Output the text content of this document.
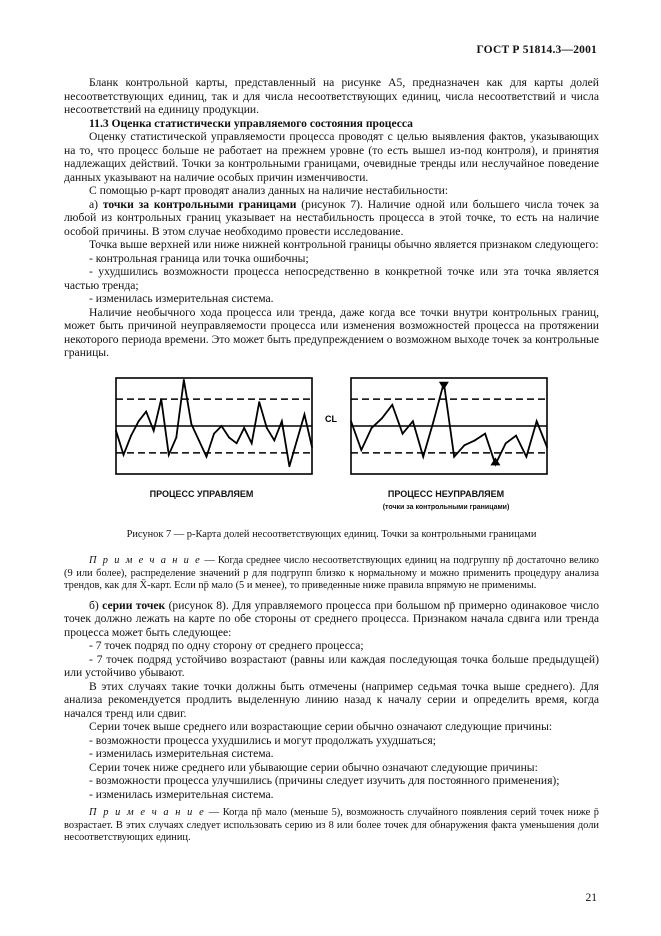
ГОСТ Р 51814.3—2001

Бланк контрольной карты, представленный на рисунке А5, предназначен как для карты долей несоответствующих единиц, так и для числа несоответствующих единиц, числа несоответствий и числа несоответствий на единицу продукции.

11.3 Оценка статистически управляемого состояния процесса

Оценку статистической управляемости процесса проводят с целью выявления фактов, указывающих на то, что процесс больше не работает на прежнем уровне (то есть вышел из-под контроля), и принятия надлежащих действий. Точки за контрольными границами, очевидные тренды или неслучайное поведение данных указывают на наличие особых причин изменчивости.

С помощью p-карт проводят анализ данных на наличие нестабильности:

а) точки за контрольными границами (рисунок 7). Наличие одной или большего числа точек за любой из контрольных границ указывает на нестабильность процесса в этой точке, то есть на наличие особой причины. В этом случае необходимо провести исследование.

Точка выше верхней или ниже нижней контрольной границы обычно является признаком следующего:

- контрольная граница или точка ошибочны;

- ухудшились возможности процесса непосредственно в конкретной точке или эта точка является частью тренда;

- изменилась измерительная система.

Наличие необычного хода процесса или тренда, даже когда все точки внутри контрольных границ, может быть причиной неуправляемости процесса или изменения возможностей процесса на протяжении некоторого периода времени. Это может быть предупреждением о возможном выходе точек за контрольные границы.

CL
ПРОЦЕСС УПРАВЛЯЕМ	ПРОЦЕСС НЕУПРАВЛЯЕМ
(точки за контрольными границами)
Рисунок 7 — p-Карта долей несоответствующих единиц. Точки за контрольными границами

П р и м е ч а н и е — Когда среднее число несоответствующих единиц на подгруппу np̄ достаточно велико (9 или более), распределение значений p для подгрупп близко к нормальному и можно применить процедуру анализа трендов, как для X̄-карт. Если np̄ мало (5 и менее), то приведенные ниже правила впрямую не применимы.

б) серии точек (рисунок 8). Для управляемого процесса при большом np̄ примерно одинаковое число точек должно лежать на карте по обе стороны от среднего процесса. Признаком начала сдвига или тренда процесса может быть следующее:

- 7 точек подряд по одну сторону от среднего процесса;

- 7 точек подряд устойчиво возрастают (равны или каждая последующая точка больше предыдущей) или устойчиво убывают.

В этих случаях такие точки должны быть отмечены (например седьмая точка выше среднего). Для анализа рекомендуется продлить выделенную линию назад к началу серии и определить время, когда начался тренд или сдвиг.

Серии точек выше среднего или возрастающие серии обычно означают следующие причины:

- возможности процесса ухудшились и могут продолжать ухудшаться;

- изменилась измерительная система.

Серии точек ниже среднего или убывающие серии обычно означают следующие причины:

- возможности процесса улучшились (причины следует изучить для постоянного применения);

- изменилась измерительная система.

П р и м е ч а н и е — Когда np̄ мало (меньше 5), возможность случайного появления серий точек ниже p̄ возрастает. В этих случаях следует использовать серию из 8 или более точек для обнаружения факта уменьшения доли несоответствующих единиц.

21
